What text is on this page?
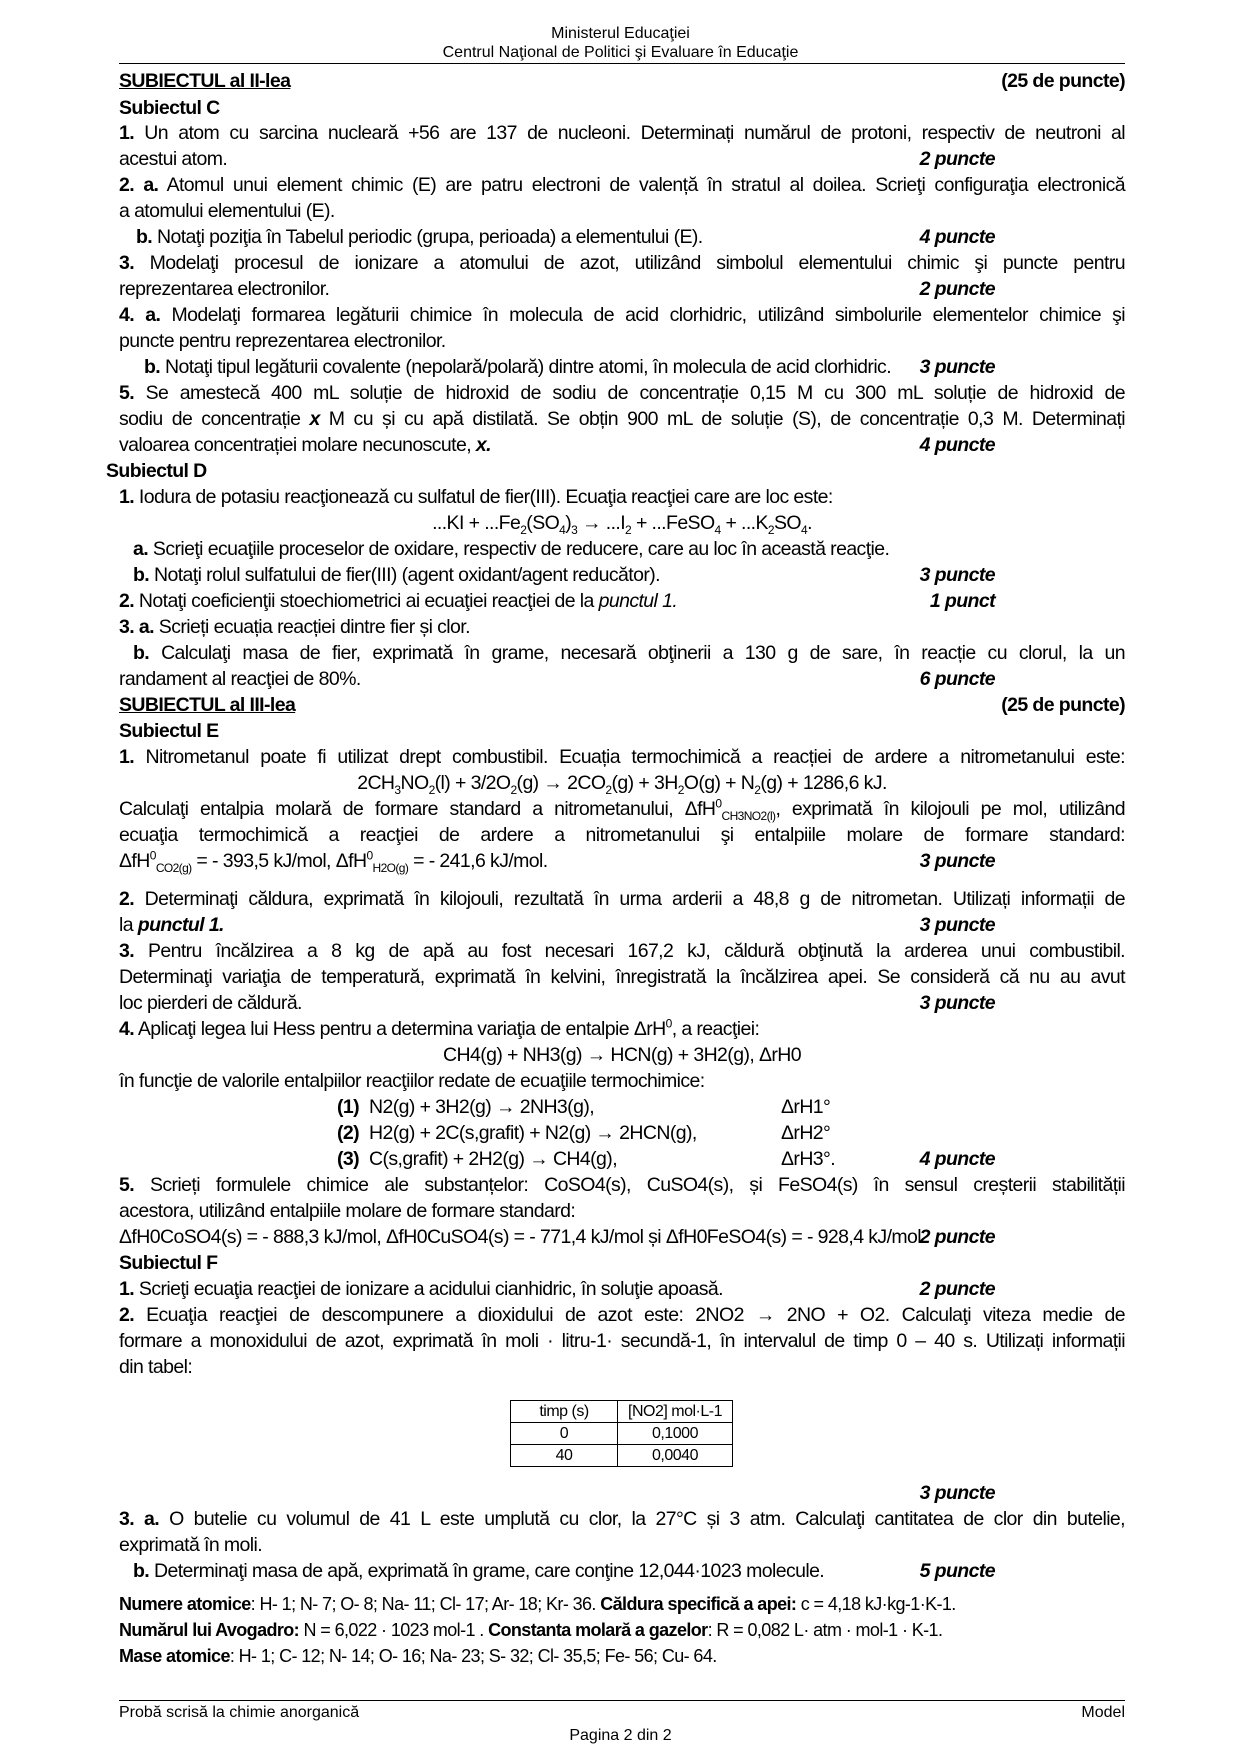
Ministerul Educaţiei
Centrul Naţional de Politici şi Evaluare în Educaţie
SUBIECTUL al II-lea	(25 de puncte)
Subiectul C
1. Un atom cu sarcina nucleară +56 are 137 de nucleoni. Determinați numărul de protoni, respectiv de neutroni al
acestui atom.	2 puncte
2. a. Atomul unui element chimic (E) are patru electroni de valență în stratul al doilea. Scrieţi configuraţia electronică
a atomului elementului (E).
b. Notaţi poziţia în Tabelul periodic (grupa, perioada) a elementului (E).	4 puncte
3. Modelaţi procesul de ionizare a atomului de azot, utilizând simbolul elementului chimic şi puncte pentru
reprezentarea electronilor.	2 puncte
4. a. Modelaţi formarea legăturii chimice în molecula de acid clorhidric, utilizând simbolurile elementelor chimice şi
puncte pentru reprezentarea electronilor.
b. Notaţi tipul legăturii covalente (nepolară/polară) dintre atomi, în molecula de acid clorhidric. 3 puncte
5. Se amestecă 400 mL soluție de hidroxid de sodiu de concentrație 0,15 M cu 300 mL soluție de hidroxid de
sodiu de concentrație x M cu și cu apă distilată. Se obțin 900 mL de soluție (S), de concentrație 0,3 M. Determinați
valoarea concentrației molare necunoscute, x.	4 puncte
Subiectul D
1. Iodura de potasiu reacţionează cu sulfatul de fier(III). Ecuaţia reacţiei care are loc este:
$...KI + ...Fe_2(SO_4)_3 \to ...I_2$ + ...FeSO$_4$ + $...K_2SO_4$.
a. Scrieţi ecuaţiile proceselor de oxidare, respectiv de reducere, care au loc în această reacţie.
b. Notaţi rolul sulfatului de fier(III) (agent oxidant/agent reducător).	3 puncte
2. Notaţi coeficienţii stoechiometrici ai ecuaţiei reacţiei de la punctul 1.	1 punct
3. a. Scrieți ecuația reacției dintre fier și clor.
b. Calculaţi masa de fier, exprimată în grame, necesară obţinerii a 130 g de sare, în reacție cu clorul, la un
randament al reacţiei de 80%.	6 puncte
SUBIECTUL al III-lea	(25 de puncte)
Subiectul E
1. Nitrometanul poate fi utilizat drept combustibil. Ecuația termochimică a reacției de ardere a nitrometanului este:
$2CH_3NO_2(l) + 3/2O_2(g) \to 2CO_2(g) + 3H_2O(g) + N_2(g) + 1286,6$ kJ.
Calculaţi entalpia molară de formare standard a nitrometanului, ΔfH$^0_{CH3NO2(l)}$, exprimată în kilojouli pe mol, utilizând
ecuaţia termochimică a reacţiei de ardere a nitrometanului şi entalpiile molare de formare standard:
ΔfH$^0_{CO2(g)}$ = - 393,5 kJ/mol, ΔfH$^0_{H2O(g)}$ = - 241,6 kJ/mol.	3 puncte
2. Determinaţi căldura, exprimată în kilojouli, rezultată în urma arderii a 48,8 g de nitrometan. Utilizați informații de
la punctul 1.	3 puncte
3. Pentru încălzirea a 8 kg de apă au fost necesari 167,2 kJ, căldură obţinută la arderea unui combustibil.
Determinaţi variaţia de temperatură, exprimată în kelvini, înregistrată la încălzirea apei. Se consideră că nu au avut
loc pierderi de căldură.	3 puncte
4. Aplicaţi legea lui Hess pentru a determina variaţia de entalpie ΔrH$^0$, a reacţiei:
CH4(g) + NH3(g) → HCN(g) + 3H2(g), ΔrH0
în funcţie de valorile entalpiilor reacţiilor redate de ecuaţiile termochimice:
(1) N2(g) + 3H2(g) → 2NH3(g),	ΔrH1°
(2) H2(g) + 2C(s,grafit) + N2(g) → 2HCN(g),	ΔrH2°
(3) C(s,grafit) + 2H2(g) → CH4(g),	ΔrH3°.	4 puncte
5. Scrieți formulele chimice ale substanțelor: CoSO4(s), CuSO4(s), și FeSO4(s) în sensul creșterii stabilității
acestora, utilizând entalpiile molare de formare standard:
ΔfH0CoSO4(s) = - 888,3 kJ/mol, ΔfH0CuSO4(s) = - 771,4 kJ/mol și ΔfH0FeSO4(s) = - 928,4 kJ/mol.
2 puncte
Subiectul F
1. Scrieţi ecuaţia reacţiei de ionizare a acidului cianhidric, în soluţie apoasă.	2 puncte
2. Ecuaţia reacţiei de descompunere a dioxidului de azot este: 2NO2 → 2NO + O2. Calculaţi viteza medie de
formare a monoxidului de azot, exprimată în moli · litru-1· secundă-1, în intervalul de timp 0 – 40 s. Utilizați informații
din tabel:
timp (s)	[NO2] mol·L-1
0	0,1000
40	0,0040
3 puncte
3. a. O butelie cu volumul de 41 L este umplută cu clor, la 27°C și 3 atm. Calculaţi cantitatea de clor din butelie,
exprimată în moli.
b. Determinaţi masa de apă, exprimată în grame, care conţine 12,044·1023 molecule.	5 puncte
Numere atomice: H- 1; N- 7; O- 8; Na- 11; Cl- 17; Ar- 18; Kr- 36. Căldura specifică a apei: c = 4,18 kJ·kg-1·K-1.
Numărul lui Avogadro: N = 6,022 · 1023 mol-1 . Constanta molară a gazelor: R = 0,082 L· atm · mol-1 · K-1.
Mase atomice: H- 1; C- 12; N- 14; O- 16; Na- 23; S- 32; Cl- 35,5; Fe- 56; Cu- 64.
Probă scrisă la chimie anorganică	Model
Pagina 2 din 2
